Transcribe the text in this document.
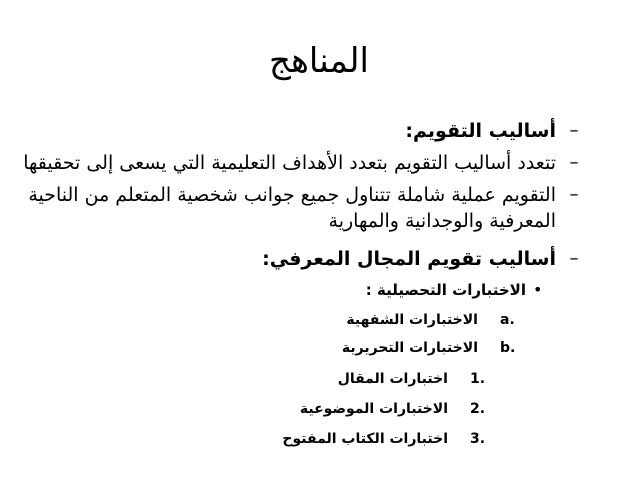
المناهج
–
أساليب التقويم:
–
تتعدد أساليب التقويم بتعدد الأهداف التعليمية التي يسعى إلى تحقيقها
–
التقويم عملية شاملة تتناول جميع جوانب شخصية المتعلم من الناحية المعرفية والوجدانية والمهارية
–
أساليب تقويم المجال المعرفي:
•
الاختبارات التحصيلية :
a.
الاختبارات الشفهية
b.
الاختبارات التحريرية
1.
اختبارات المقال
2.
الاختبارات الموضوعية
3.
اختبارات الكتاب المفتوح
